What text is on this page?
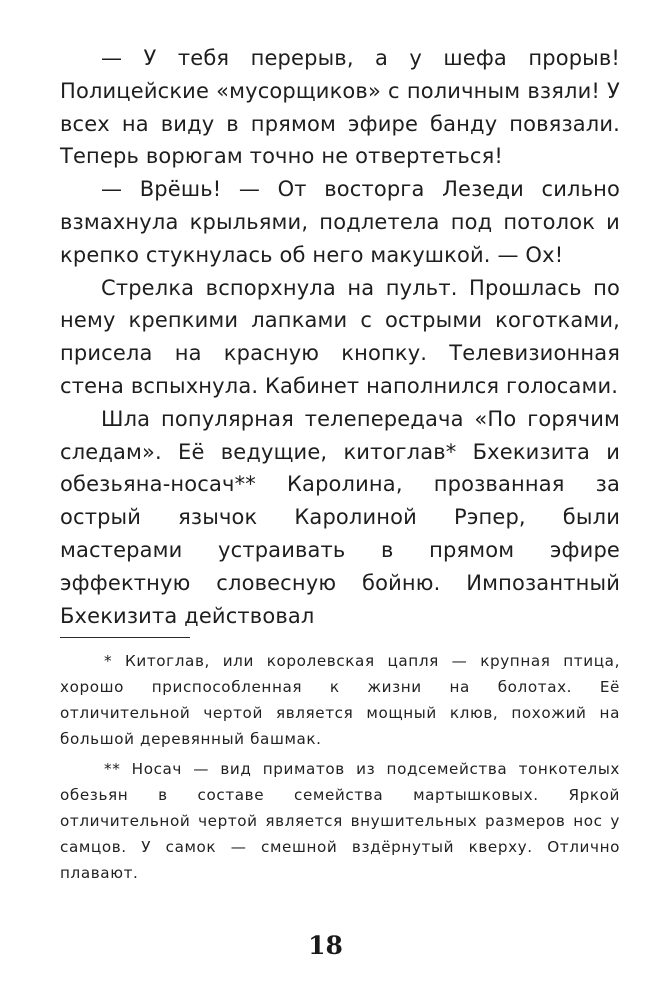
— У тебя перерыв, а у шефа прорыв! Полицейские «мусорщиков» с поличным взяли! У всех на виду в прямом эфире банду повязали. Теперь ворюгам точно не отвертеться!

— Врёшь! — От восторга Лезеди сильно взмахнула крыльями, подлетела под потолок и крепко стукнулась об него макушкой. — Ох!

Стрелка вспорхнула на пульт. Прошлась по нему крепкими лапками с острыми коготками, присела на красную кнопку. Телевизионная стена вспыхнула. Кабинет наполнился голосами.

Шла популярная телепередача «По горячим следам». Её ведущие, китоглав* Бхекизита и обезьяна-носач** Каролина, прозванная за острый язычок Каролиной Рэпер, были мастерами устраивать в прямом эфире эффектную словесную бойню. Импозантный Бхекизита действовал

* Китоглав, или королевская цапля — крупная птица, хорошо приспособленная к жизни на болотах. Её отличительной чертой является мощный клюв, похожий на большой деревянный башмак.

** Носач — вид приматов из подсемейства тонкотелых обезьян в составе семейства мартышковых. Яркой отличительной чертой является внушительных размеров нос у самцов. У самок — смешной вздёрнутый кверху. Отлично плавают.

18
